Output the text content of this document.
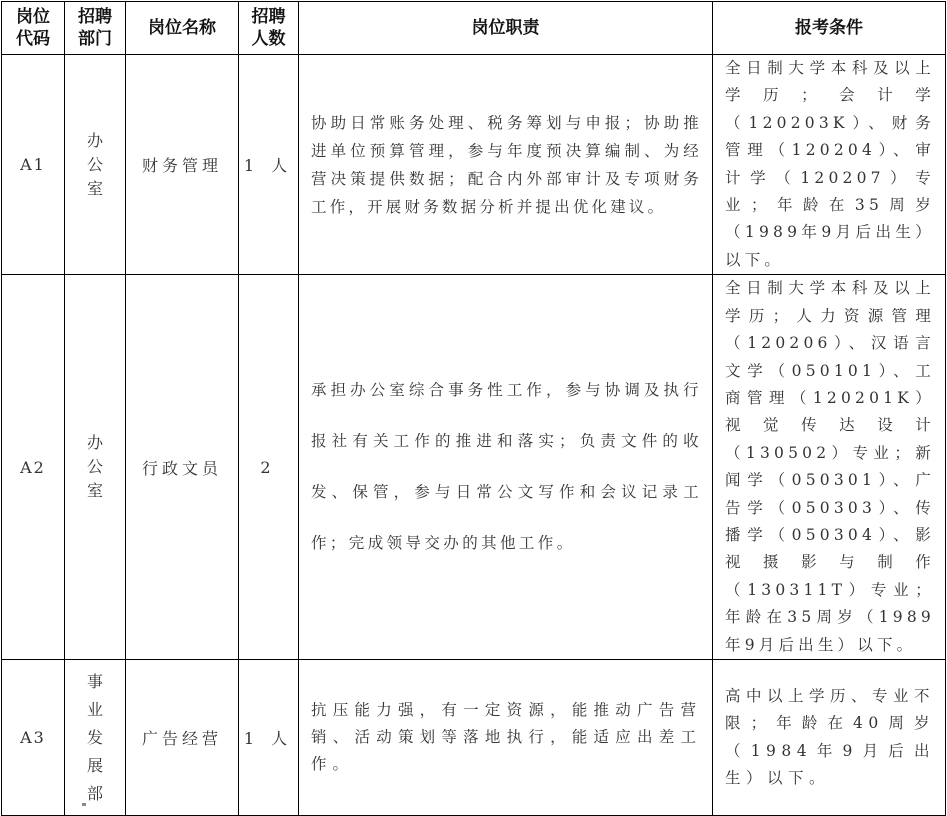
岗位代码	招聘部门	岗位名称	招聘人数	岗位职责	报考条件
A1	办公室	财务管理	1 人	协助日常账务处理、税务筹划与申报；协助推进单位预算管理，参与年度预决算编制、为经营决策提供数据；配合内外部审计及专项财务工作，开展财务数据分析并提出优化建议。	全日制大学本科及以上学历；会计学（120203K）、财务管理（120204）、审计学（120207）专业；年龄在35周岁（1989年9月后出生）以下。
A2	办公室	行政文员	2	承担办公室综合事务性工作，参与协调及执行报社有关工作的推进和落实；负责文件的收发、保管，参与日常公文写作和会议记录工作；完成领导交办的其他工作。	全日制大学本科及以上学历；人力资源管理（120206）、汉语言文学（050101）、工商管理（120201K）视觉传达设计（130502）专业；新闻学（050301）、广告学（050303）、传播学（050304）、影视摄影与制作（130311T）专业；年龄在35周岁（1989年9月后出生）以下。
A3	事业发展部	广告经营	1 人	抗压能力强，有一定资源，能推动广告营销、活动策划等落地执行，能适应出差工作。	高中以上学历、专业不限；年龄在40周岁（1984年9月后出生）以下。
